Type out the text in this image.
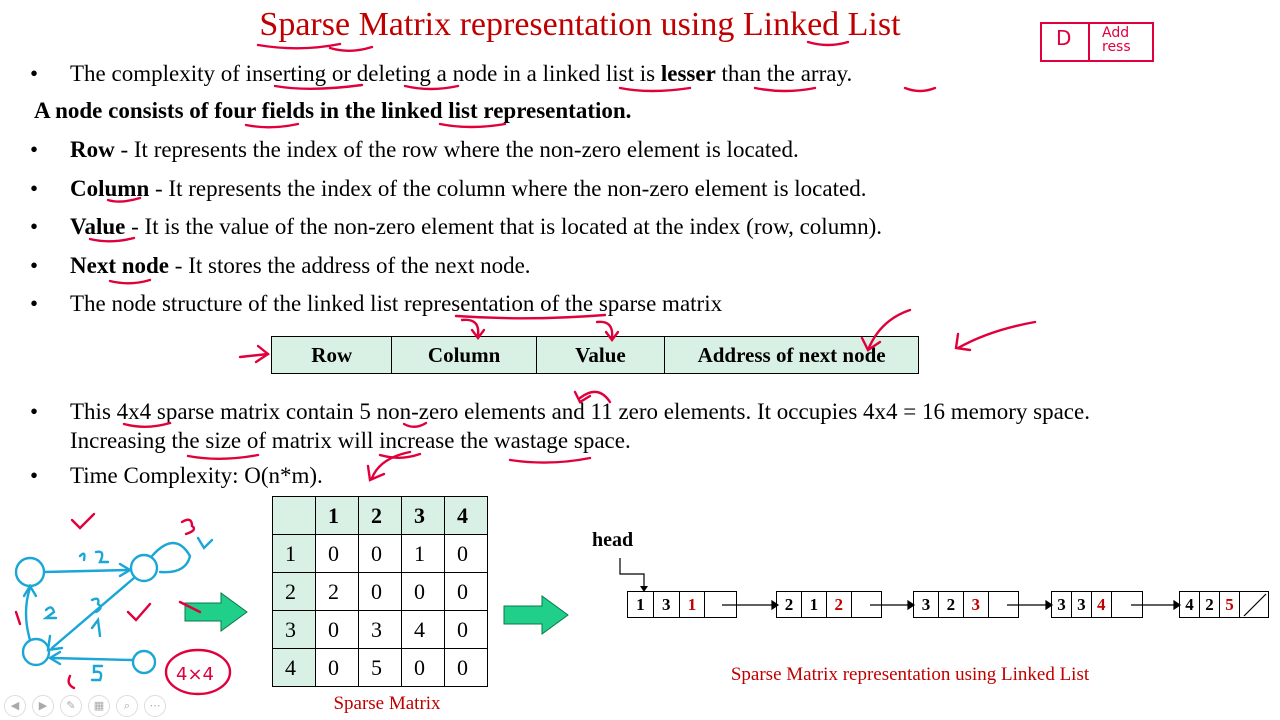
Sparse Matrix representation using Linked List	D Add ress
• The complexity of inserting or deleting a node in a linked list is lesser than the array.
A node consists of four fields in the linked list representation.
• Row - It represents the index of the row where the non-zero element is located.
• Column - It represents the index of the column where the non-zero element is located.
• Value - It is the value of the non-zero element that is located at the index (row, column).
• Next node - It stores the address of the next node.
• The node structure of the linked list representation of the sparse matrix
Row	Column	Value	Address of next node
• This 4x4 sparse matrix contain 5 non-zero elements and 11 zero elements. It occupies 4x4 = 16 memory space.
Increasing the size of matrix will increase the wastage space.
• Time Complexity: O(n*m).
	1	2	3	4
1	0	0	1	0
2	2	0	0	0
3	0	3	4	0
4	0	5	0	0
Sparse Matrix
head
1	3	1	2 1 2	3 2 3	3 3 4	4 2 5
Sparse Matrix representation using Linked List
4×4
◀	▶	✎	▦	⌕	⋯
